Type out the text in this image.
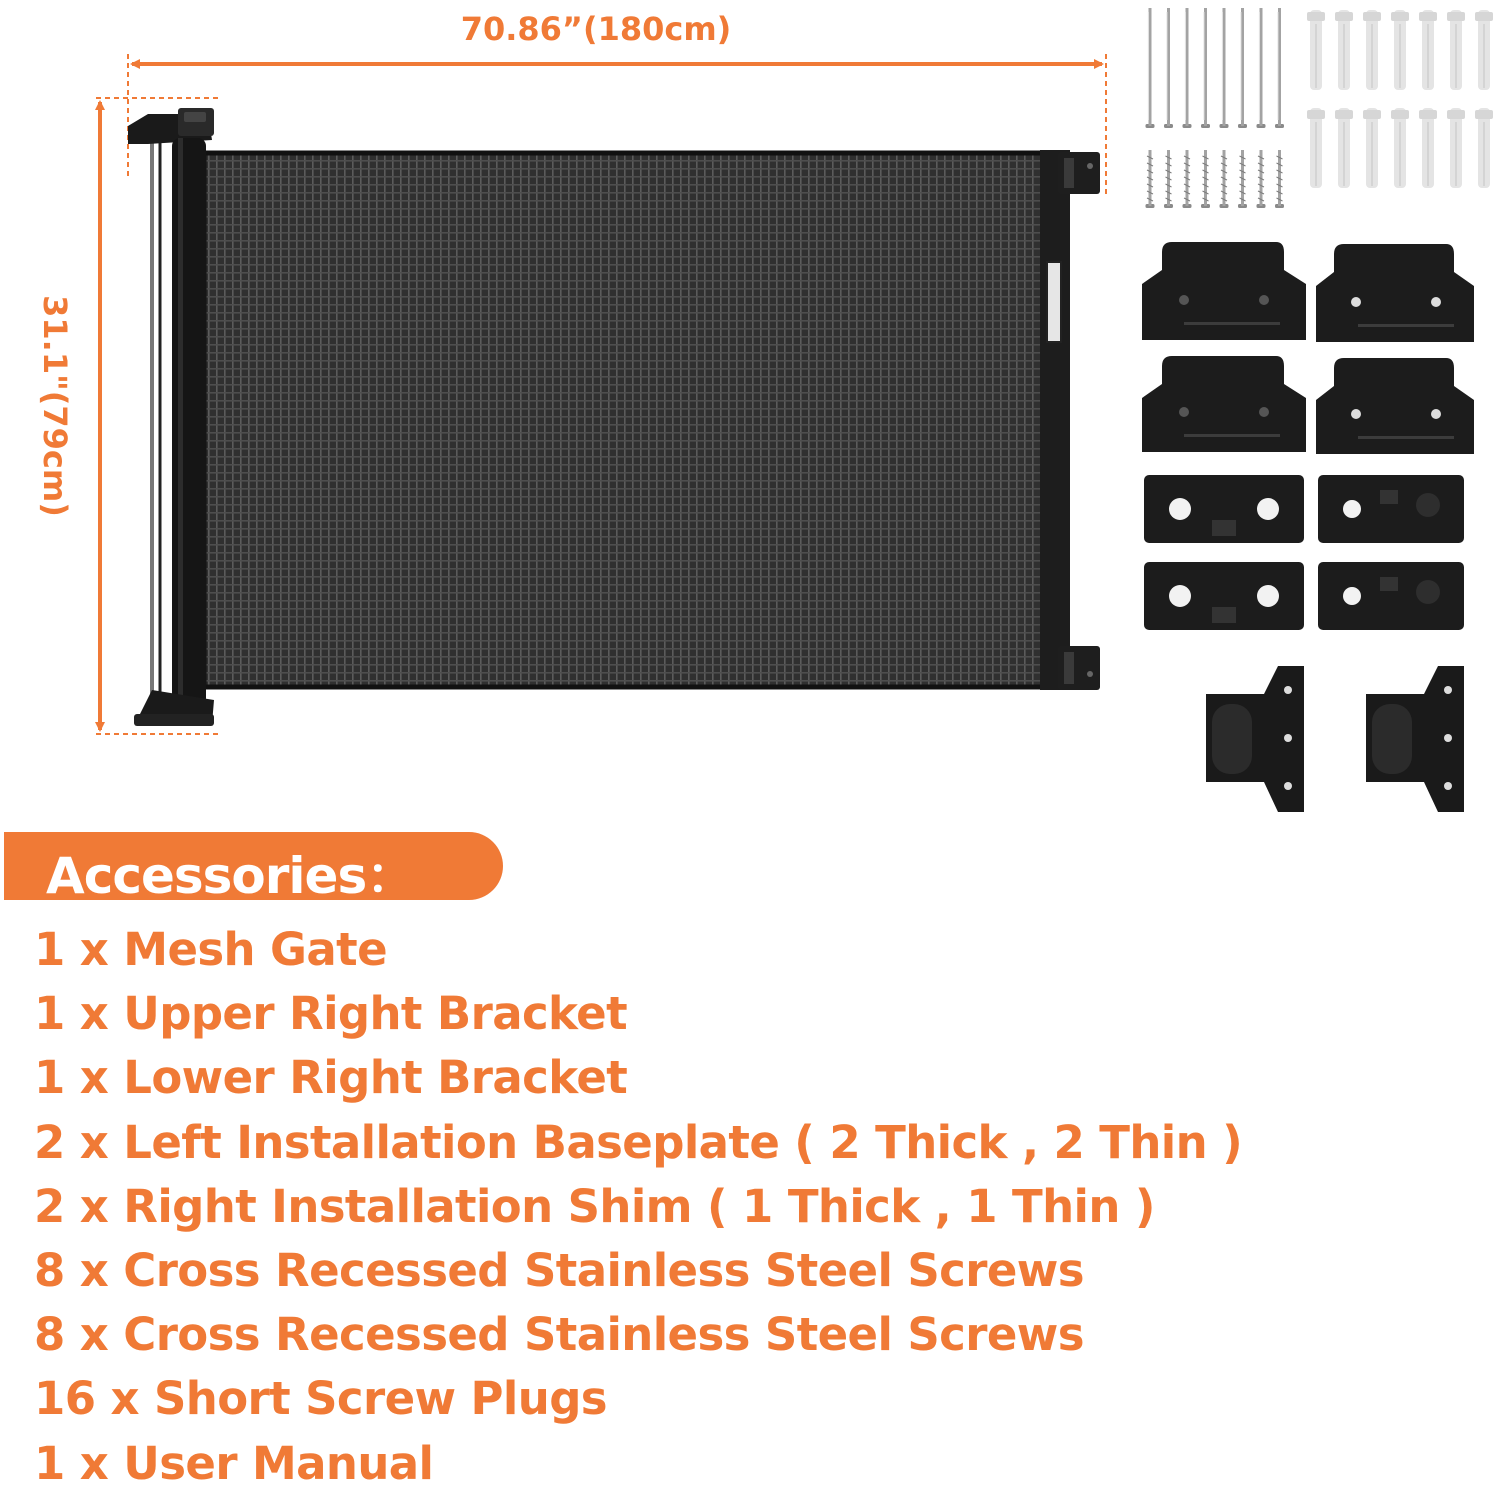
70.86”(180cm)
31.1"(79cm)
Accessories：
1 x Mesh Gate
1 x Upper Right Bracket
1 x Lower Right Bracket
2 x Left Installation Baseplate ( 2 Thick , 2 Thin )
2 x Right Installation Shim ( 1 Thick , 1 Thin )
8 x Cross Recessed Stainless Steel Screws
8 x Cross Recessed Stainless Steel Screws
16 x Short Screw Plugs
1 x User Manual
